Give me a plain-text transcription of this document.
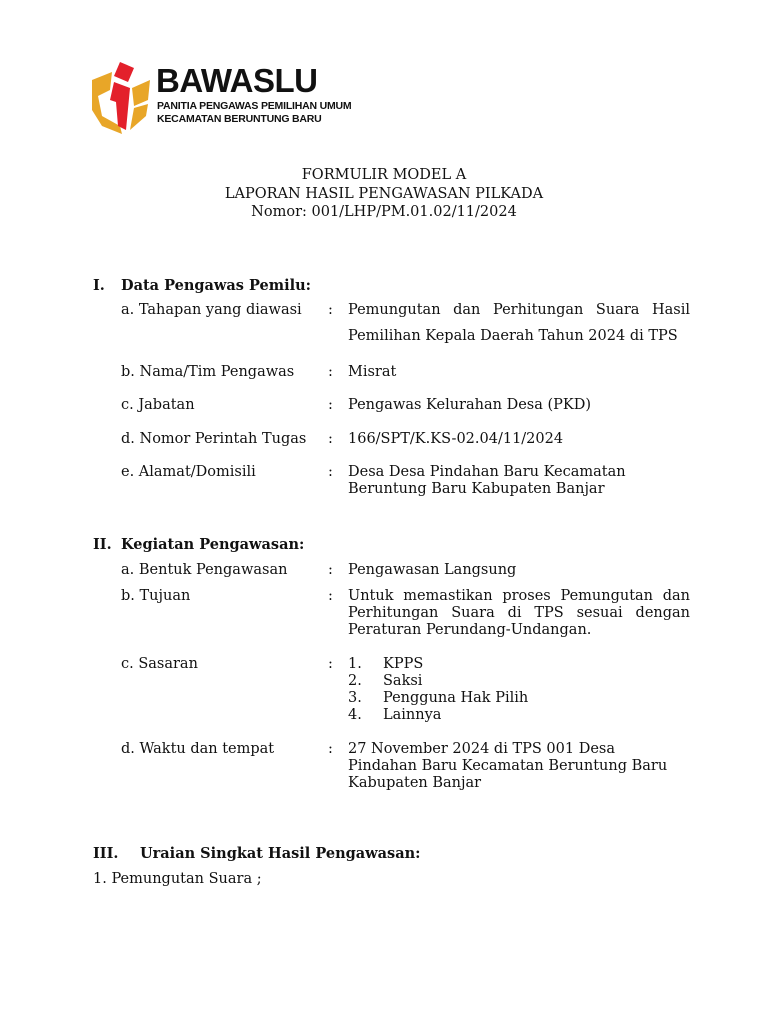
BAWASLU
PANITIA PENGAWAS PEMILIHAN UMUM
KECAMATAN BERUNTUNG BARU
FORMULIR MODEL A
LAPORAN HASIL PENGAWASAN PILKADA
Nomor: 001/LHP/PM.01.02/11/2024
I. Data Pengawas Pemilu:
a. Tahapan yang diawasi : Pemungutan dan Perhitungan Suara Hasil
Pemilihan Kepala Daerah Tahun 2024 di TPS
b. Nama/Tim Pengawas : Misrat
c. Jabatan	: Pengawas Kelurahan Desa (PKD)
d. Nomor Perintah Tugas : 166/SPT/K.KS-02.04/11/2024
e. Alamat/Domisili	: Desa Desa Pindahan Baru Kecamatan
Beruntung Baru Kabupaten Banjar
II. Kegiatan Pengawasan:
a. Bentuk Pengawasan	: Pengawasan Langsung
b. Tujuan	: Untuk memastikan proses Pemungutan dan
Perhitungan Suara di TPS sesuai dengan
Peraturan Perundang-Undangan.
c. Sasaran	: 1. KPPS
2. Saksi
3. Pengguna Hak Pilih
4. Lainnya
d. Waktu dan tempat	: 27 November 2024 di TPS 001 Desa
Pindahan Baru Kecamatan Beruntung Baru
Kabupaten Banjar
III. Uraian Singkat Hasil Pengawasan:
1. Pemungutan Suara ;
